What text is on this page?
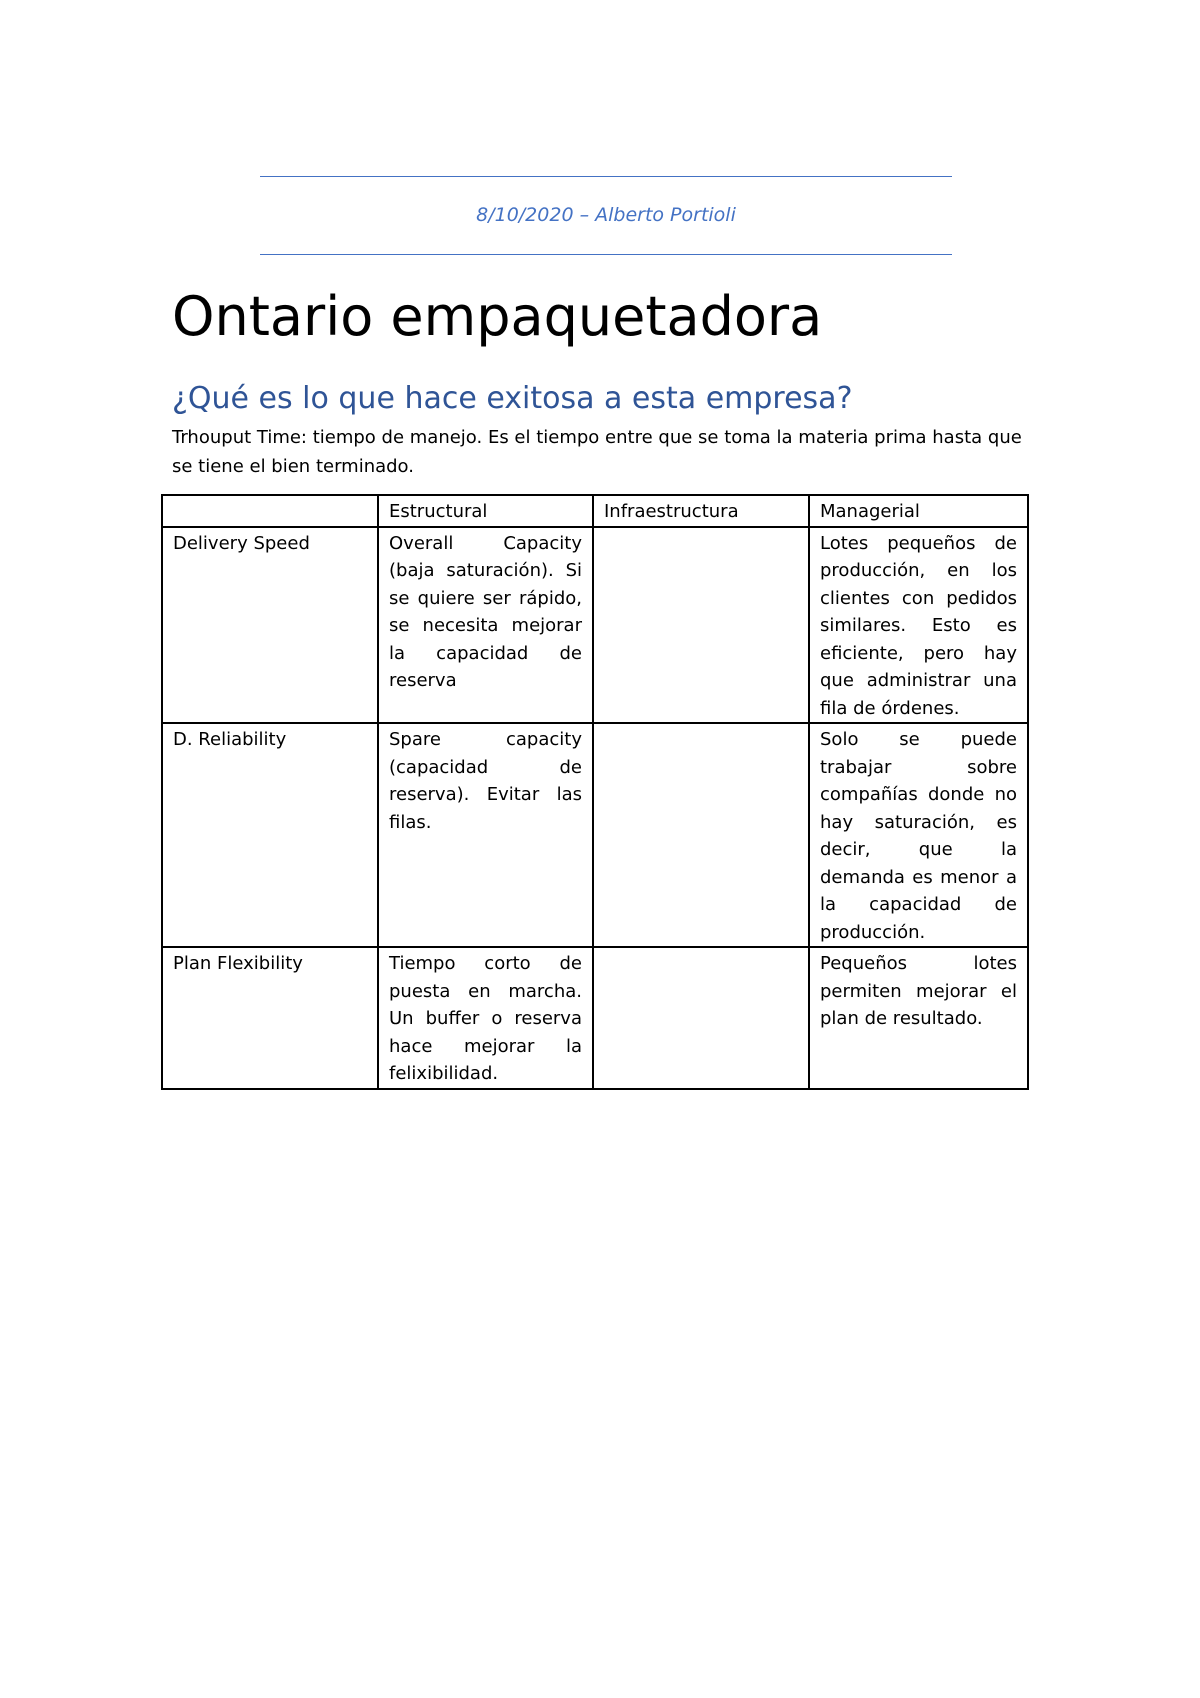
8/10/2020 – Alberto Portioli
Ontario empaquetadora
¿Qué es lo que hace exitosa a esta empresa?

Trhouput Time: tiempo de manejo. Es el tiempo entre que se toma la materia prima hasta que se tiene el bien terminado.

	Estructural	Infraestructura	Managerial
Delivery Speed	Overall Capacity (baja saturación). Si se quiere ser rápido, se necesita mejorar la capacidad de reserva		Lotes pequeños de producción, en los clientes con pedidos similares. Esto es eficiente, pero hay que administrar una fila de órdenes.
D. Reliability	Spare capacity (capacidad de reserva). Evitar las filas.		Solo se puede trabajar sobre compañías donde no hay saturación, es decir, que la demanda es menor a la capacidad de producción.
Plan Flexibility	Tiempo corto de puesta en marcha. Un buffer o reserva hace mejorar la felixibilidad.		Pequeños lotes permiten mejorar el plan de resultado.
